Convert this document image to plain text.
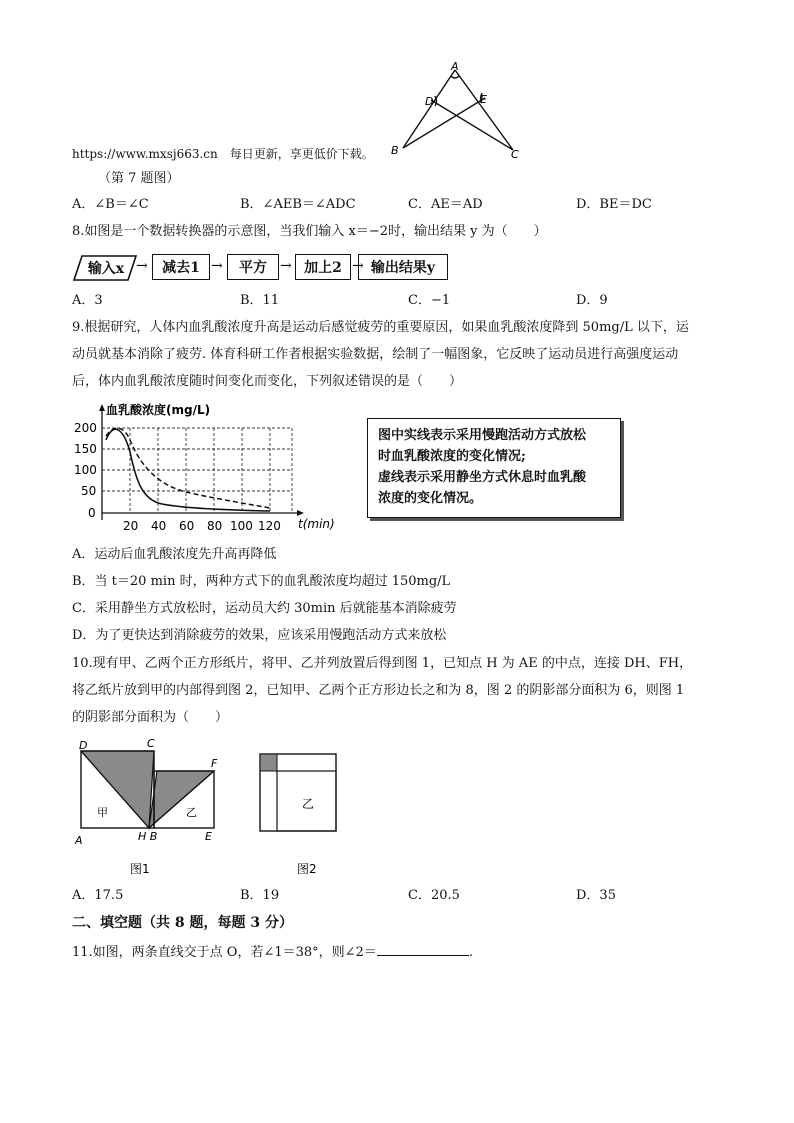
A
D	E
B	C
https://www.mxsj663.cn　每日更新，享更低价下载。
（第 7 题图）
A．∠B＝∠C	B．∠AEB＝∠ADC	C．AE＝AD	D．BE＝DC
8.如图是一个数据转换器的示意图，当我们输入 x＝−2时，输出结果 y 为（　　）
输入x →	减去1 →	平方 → 加上2 → 输出结果y
A．3	B．11	C．−1	D．9
9.根据研究，人体内血乳酸浓度升高是运动后感觉疲劳的重要原因，如果血乳酸浓度降到 50mg/L 以下，运
动员就基本消除了疲劳. 体育科研工作者根据实验数据，绘制了一幅图象，它反映了运动员进行高强度运动
后，体内血乳酸浓度随时间变化而变化，下列叙述错误的是（　　）
血乳酸浓度(mg/L)
200
150
100
50
0
20 40 60 80 100 120 t(min)
图中实线表示采用慢跑活动方式放松
时血乳酸浓度的变化情况;
虚线表示采用静坐方式休息时血乳酸
浓度的变化情况。
A．运动后血乳酸浓度先升高再降低
B．当 t＝20 min 时，两种方式下的血乳酸浓度均超过 150mg/L
C．采用静坐方式放松时，运动员大约 30min 后就能基本消除疲劳
D．为了更快达到消除疲劳的效果，应该采用慢跑活动方式来放松
10.现有甲、乙两个正方形纸片，将甲、乙并列放置后得到图 1，已知点 H 为 AE 的中点，连接 DH、FH，
将乙纸片放到甲的内部得到图 2，已知甲、乙两个正方形边长之和为 8，图 2 的阴影部分面积为 6，则图 1
的阴影部分面积为（　　）
D	C
F
A	H B	E
甲	乙
图1
乙
图2
A．17.5	B．19	C．20.5	D．35
二、填空题（共 8 题，每题 3 分）
11.如图，两条直线交于点 O，若∠1＝38°，则∠2＝	.
